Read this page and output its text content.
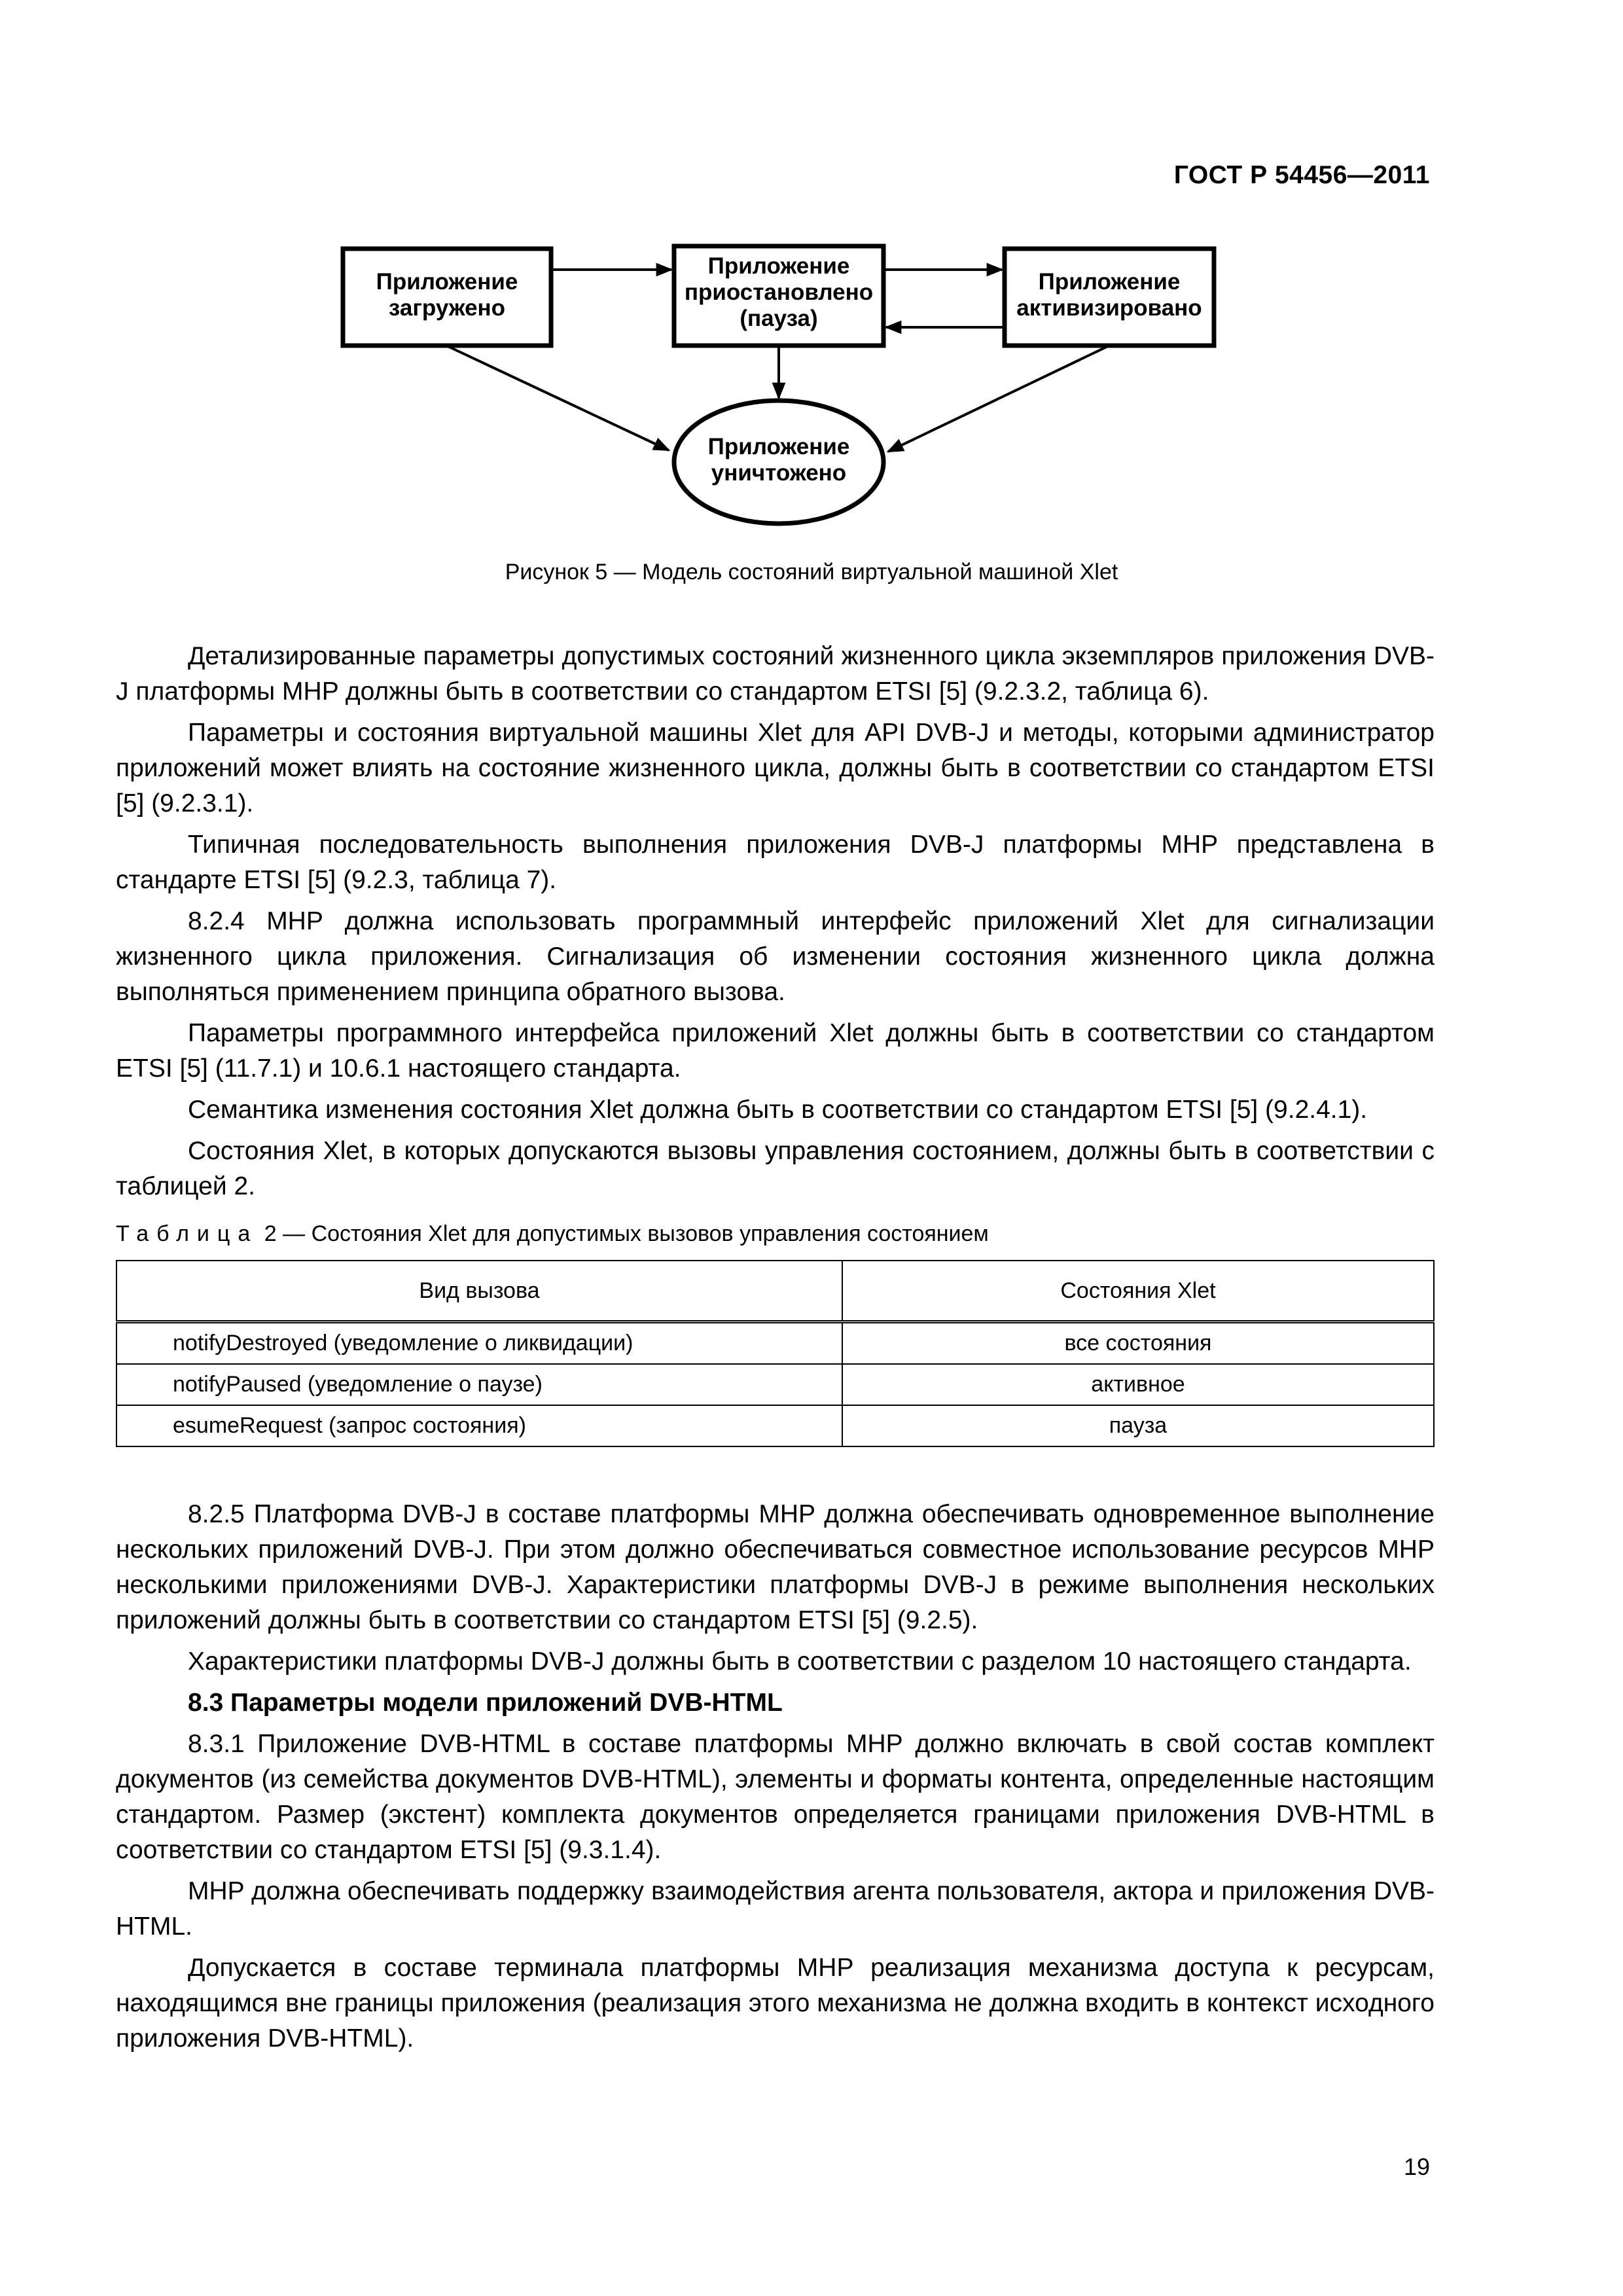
ГОСТ Р 54456—2011
Приложение
загружено
Приложение
приостановлено
(пауза)
Приложение
активизировано
Приложение
уничтожено
Рисунок 5 — Модель состояний виртуальной машиной Xlet

Детализированные параметры допустимых состояний жизненного цикла экземпляров приложения DVB-J платформы MHP должны быть в соответствии со стандартом ETSI [5] (9.2.3.2, таблица 6).

Параметры и состояния виртуальной машины Xlet для API DVB-J и методы, которыми администратор приложений может влиять на состояние жизненного цикла, должны быть в соответствии со стандартом ETSI [5] (9.2.3.1).

Типичная последовательность выполнения приложения DVB-J платформы MHP представлена в стандарте ETSI [5] (9.2.3, таблица 7).

8.2.4 MHP должна использовать программный интерфейс приложений Xlet для сигнализации жизненного цикла приложения. Сигнализация об изменении состояния жизненного цикла должна выполняться применением принципа обратного вызова.

Параметры программного интерфейса приложений Xlet должны быть в соответствии со стандартом ETSI [5] (11.7.1) и 10.6.1 настоящего стандарта.

Семантика изменения состояния Xlet должна быть в соответствии со стандартом ETSI [5] (9.2.4.1).

Состояния Xlet, в которых допускаются вызовы управления состоянием, должны быть в соответствии с таблицей 2.

Таблица 2 — Состояния Xlet для допустимых вызовов управления состоянием
Вид вызова	Состояния Xlet
notifyDestroyed (уведомление о ликвидации)	все состояния
notifyPaused (уведомление о паузе)	активное
esumeRequest (запрос состояния)	пауза

8.2.5 Платформа DVB-J в составе платформы MHP должна обеспечивать одновременное выполнение нескольких приложений DVB-J. При этом должно обеспечиваться совместное использование ресурсов MHP несколькими приложениями DVB-J. Характеристики платформы DVB-J в режиме выполнения нескольких приложений должны быть в соответствии со стандартом ETSI [5] (9.2.5).

Характеристики платформы DVB-J должны быть в соответствии с разделом 10 настоящего стандарта.

8.3 Параметры модели приложений DVB-HTML

8.3.1 Приложение DVB-HTML в составе платформы MHP должно включать в свой состав комплект документов (из семейства документов DVB-HTML), элементы и форматы контента, определенные настоящим стандартом. Размер (экстент) комплекта документов определяется границами приложения DVB-HTML в соответствии со стандартом ETSI [5] (9.3.1.4).

MHP должна обеспечивать поддержку взаимодействия агента пользователя, актора и приложения DVB-HTML.

Допускается в составе терминала платформы MHP реализация механизма доступа к ресурсам, находящимся вне границы приложения (реализация этого механизма не должна входить в контекст исходного приложения DVB-HTML).

19
